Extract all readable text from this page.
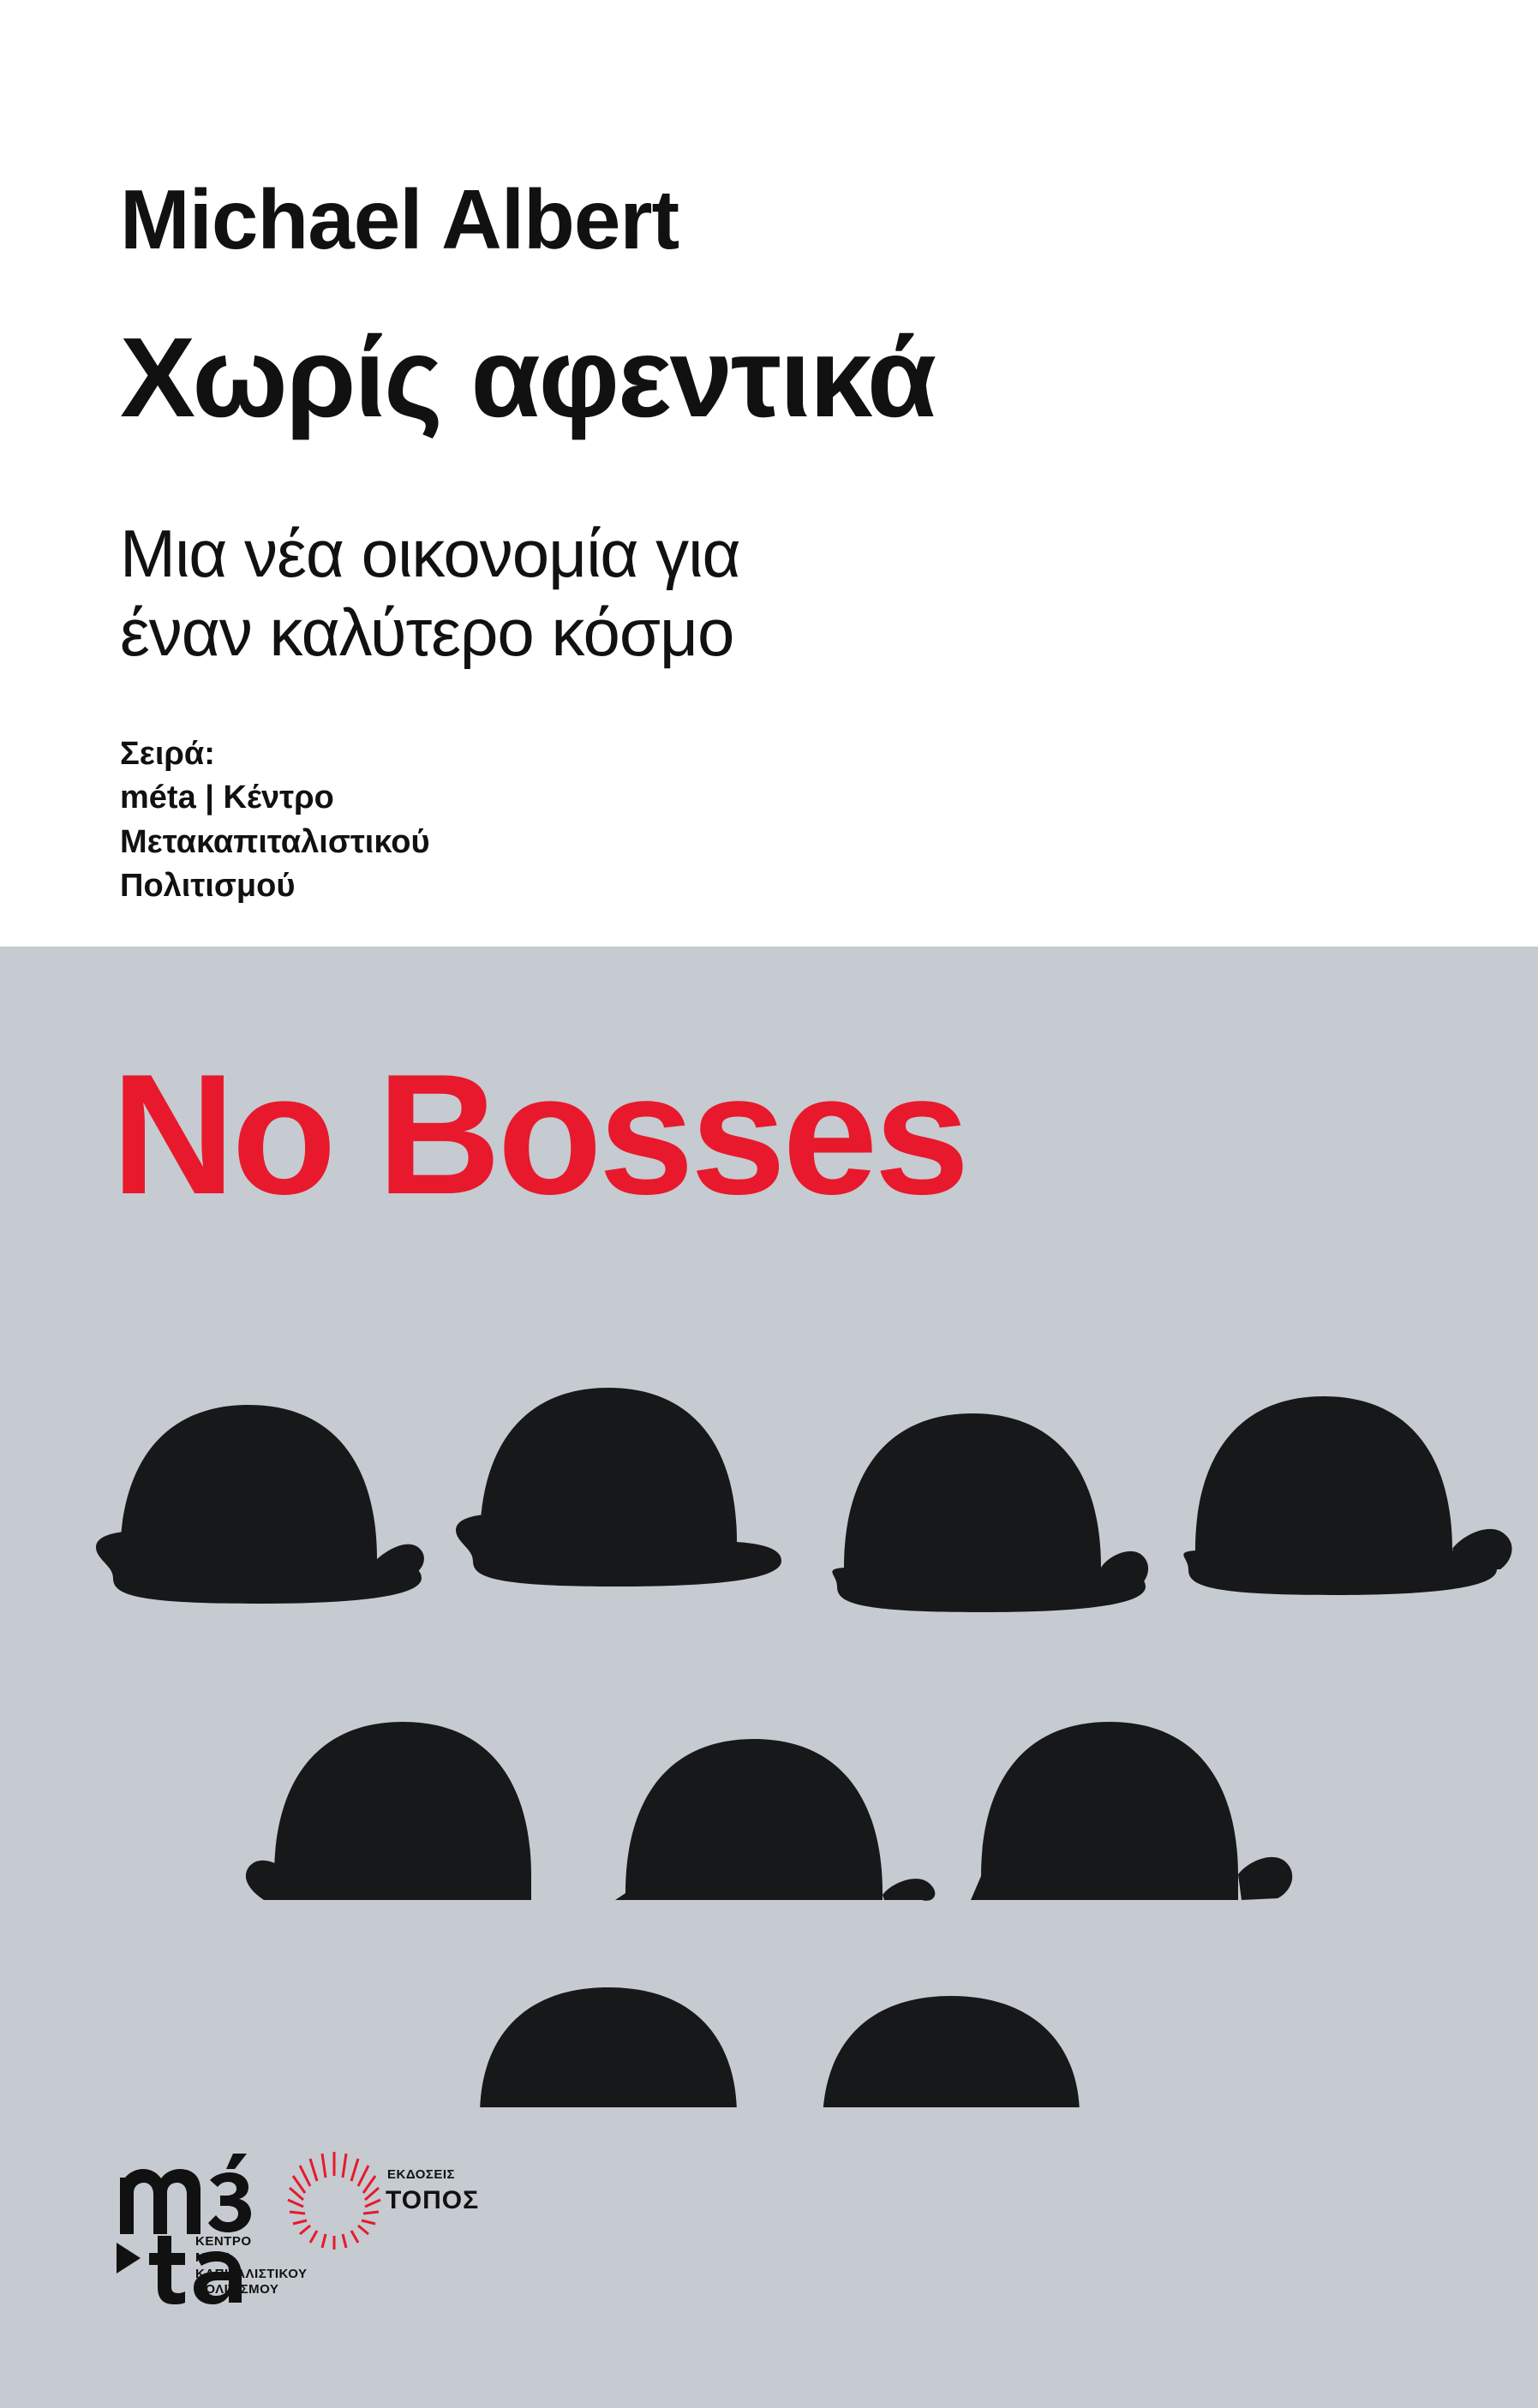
Michael Albert
Χωρίς αφεντικά
Μια νέα οικονομία για
έναν καλύτερο κόσμο
Σειρά:
méta | Κέντρο
Μετακαπιταλιστικού
Πολιτισμού
No Bosses
ΚΕΝΤΡΟ
ΜΕΤΑ
ΚΑΠΙΤΑΛΙΣΤΙΚΟΥ
ΠΟΛΙΤΙΣΜΟΥ
ΕΚΔΟΣΕΙΣ
ΤΟΠΟΣ
